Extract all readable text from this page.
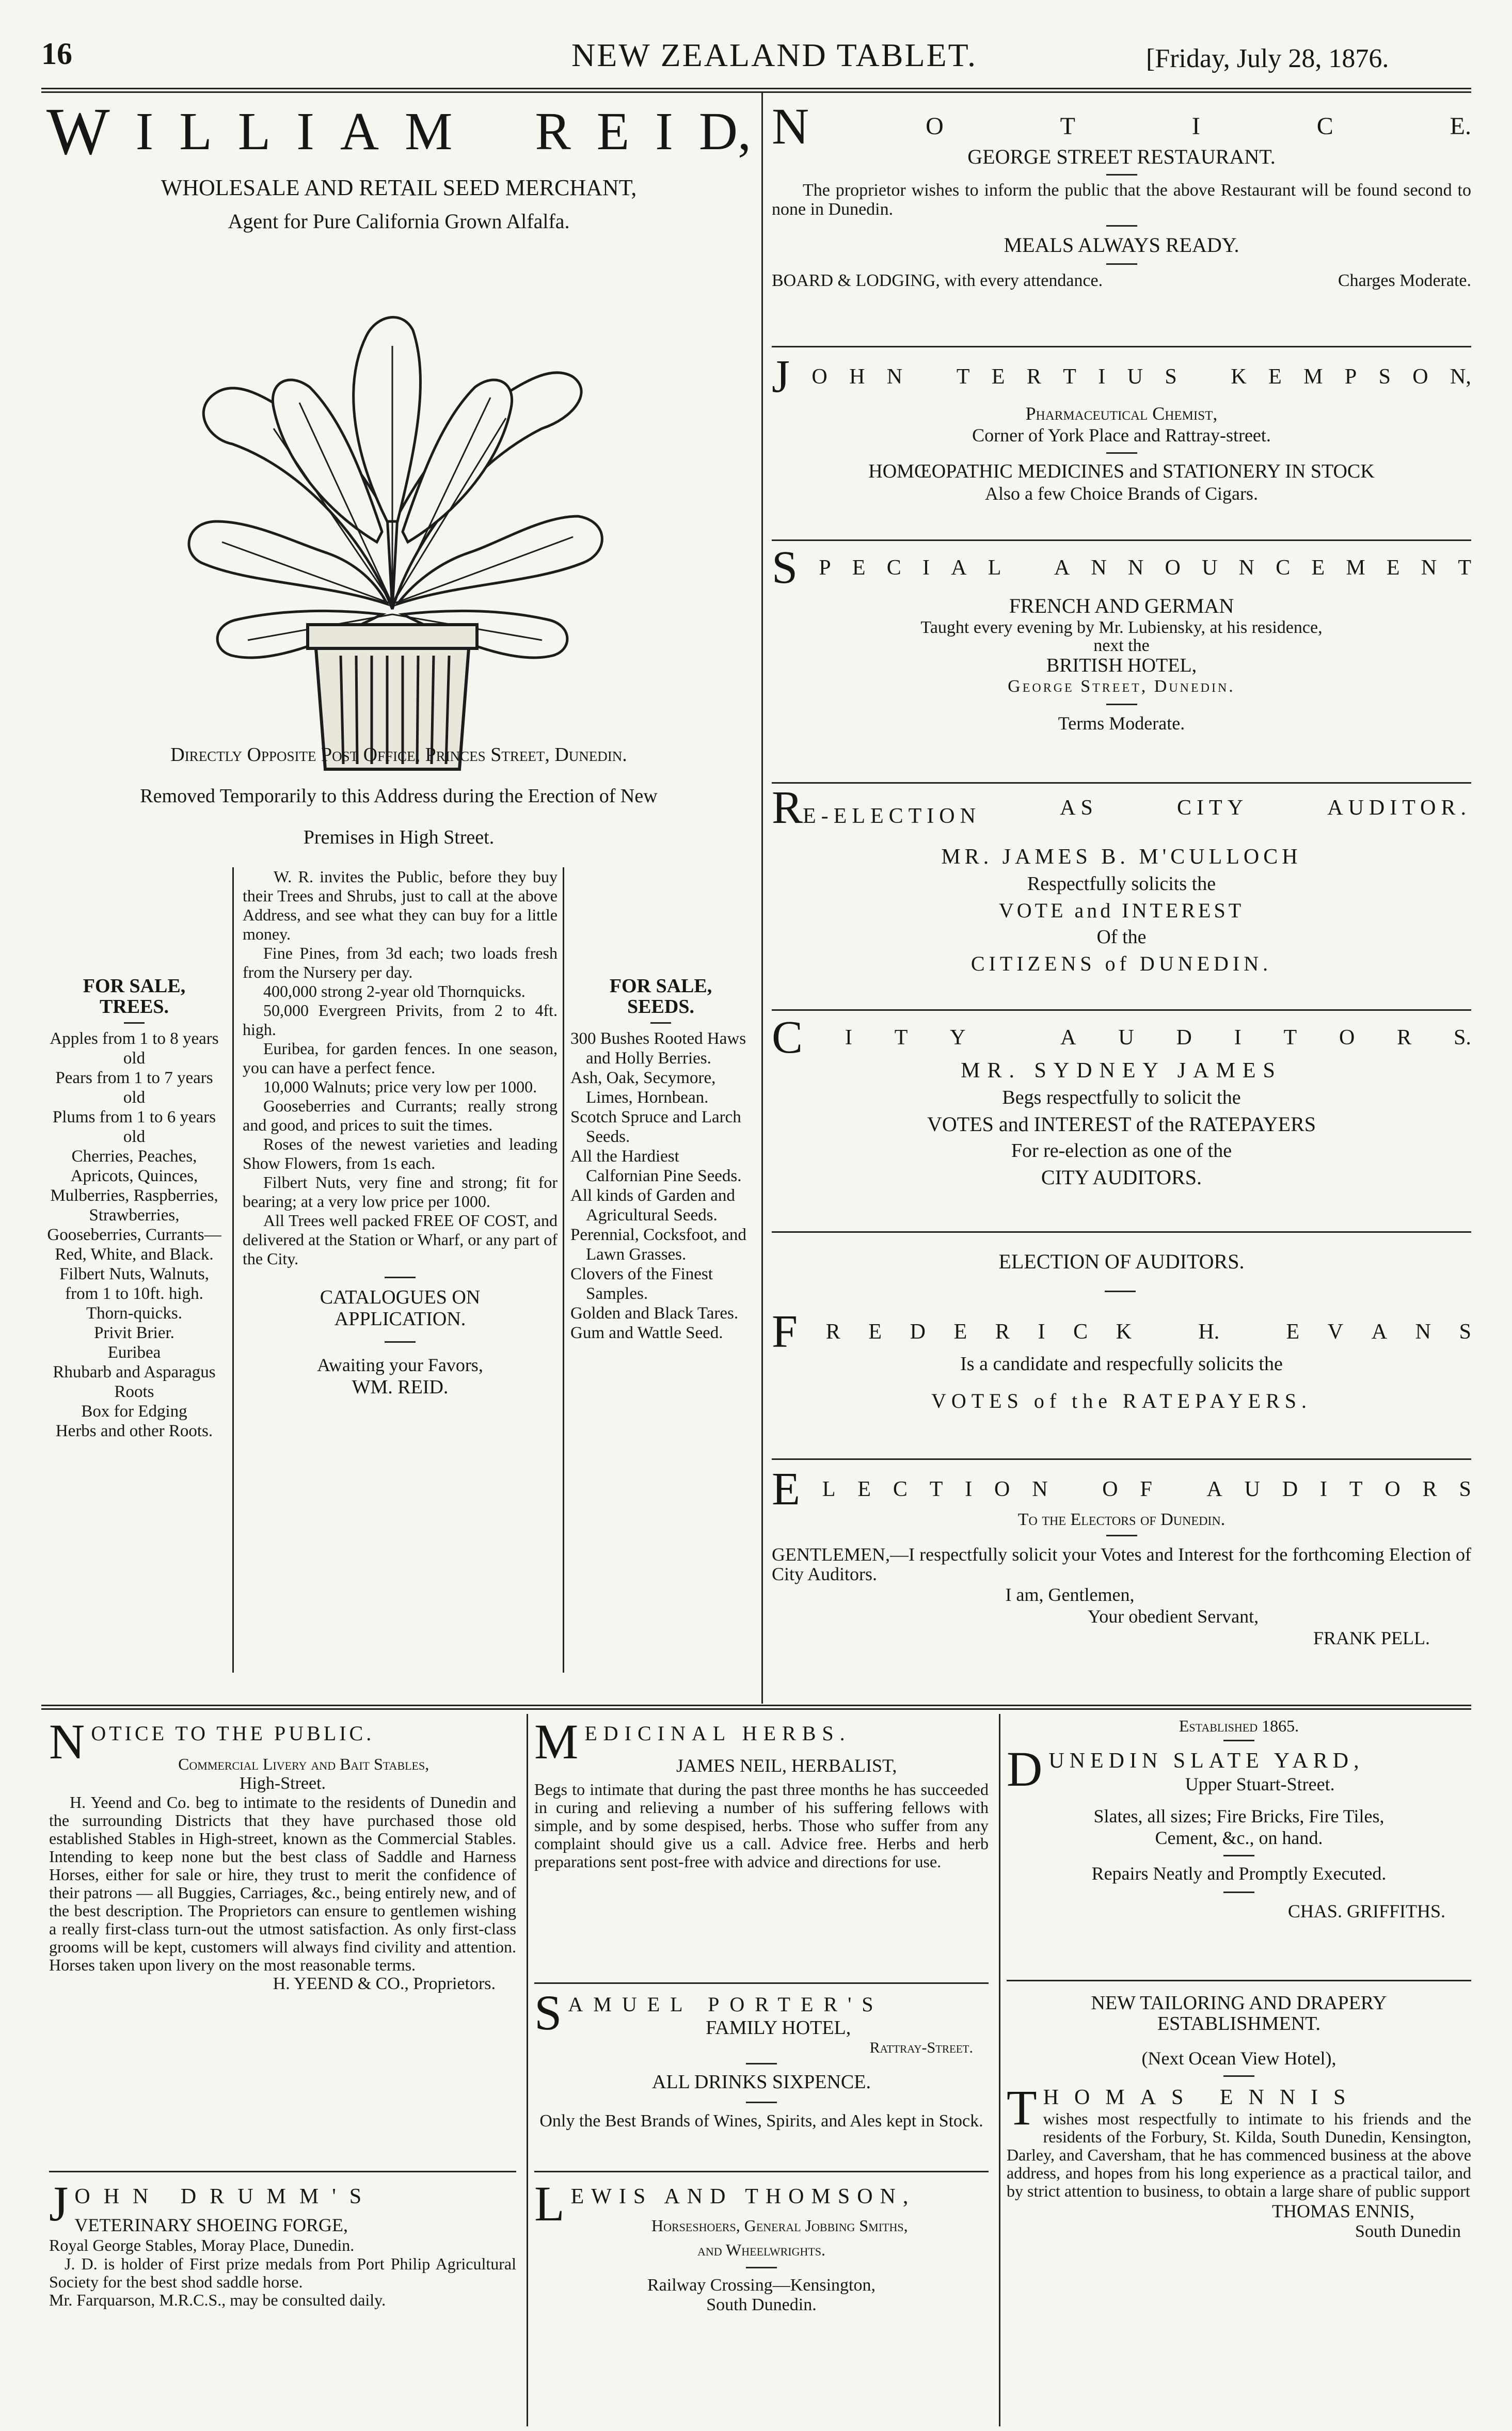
16	NEW ZEALAND TABLET.	[Friday, July 28, 1876.
W I L L I A M R E I D,
WHOLESALE AND RETAIL SEED MERCHANT,
Agent for Pure California Grown Alfalfa.
Directly Opposite Post Office, Princes Street, Dunedin.
Removed Temporarily to this Address during the Erection of New
Premises in High Street.
FOR SALE, TREES.
Apples from 1 to 8 years old
Pears from 1 to 7 years old
Plums from 1 to 6 years old
Cherries, Peaches, Apricots, Quinces, Mulberries, Raspberries, Strawberries, Gooseberries, Currants—Red, White, and Black.
Filbert Nuts, Walnuts, from 1 to 10ft. high.
Thorn-quicks.
Privit Brier.
Euribea
Rhubarb and Asparagus Roots
Box for Edging
Herbs and other Roots.
W. R. invites the Public, before they buy their Trees and Shrubs, just to call at the above Address, and see what they can buy for a little money.
Fine Pines, from 3d each; two loads fresh from the Nursery per day.
400,000 strong 2-year old Thornquicks.
50,000 Evergreen Privits, from 2 to 4ft. high.
Euribea, for garden fences. In one season, you can have a perfect fence.
10,000 Walnuts; price very low per 1000.
Gooseberries and Currants; really strong and good, and prices to suit the times.
Roses of the newest varieties and leading Show Flowers, from 1s each.
Filbert Nuts, very fine and strong; fit for bearing; at a very low price per 1000.
All Trees well packed FREE OF COST, and delivered at the Station or Wharf, or any part of the City.
CATALOGUES ON APPLICATION.
Awaiting your Favors,
WM. REID.
FOR SALE, SEEDS.
300 Bushes Rooted Haws and Holly Berries.
Ash, Oak, Secymore, Limes, Hornbean.
Scotch Spruce and Larch Seeds.
All the Hardiest Calfornian Pine Seeds.
All kinds of Garden and Agricultural Seeds.
Perennial, Cocksfoot, and Lawn Grasses.
Clovers of the Finest Samples.
Golden and Black Tares.
Gum and Wattle Seed.
N	O	T	I	C	E.
GEORGE STREET RESTAURANT.
The proprietor wishes to inform the public that the above Restaurant will be found second to none in Dunedin.
MEALS ALWAYS READY.
BOARD & LODGING, with every attendance.	Charges Moderate.
J O H N T E R T I U S K E M P S O N,
Pharmaceutical Chemist,
Corner of York Place and Rattray-street.
HOMŒOPATHIC MEDICINES and STATIONERY IN STOCK
Also a few Choice Brands of Cigars.
S P E C I A L A N N O U N C E M E N T
FRENCH AND GERMAN
Taught every evening by Mr. Lubiensky, at his residence,
next the
BRITISH HOTEL,
George Street, Dunedin.
Terms Moderate.
R E-ELECTION	AS	CITY	AUDITOR.
MR. JAMES B. M'CULLOCH
Respectfully solicits the
VOTE and INTEREST
Of the
CITIZENS of DUNEDIN.
C I T Y	A U D I T O R S.
MR. SYDNEY JAMES
Begs respectfully to solicit the
VOTES and INTEREST of the RATEPAYERS
For re-election as one of the
CITY AUDITORS.
ELECTION OF AUDITORS.
F R E D E R I C K	H.	E V A N S
Is a candidate and respecfully solicits the
VOTES of the RATEPAYERS.
E L E C T I O N	O F	A U D I T O R S
To the Electors of Dunedin.
GENTLEMEN,—I respectfully solicit your Votes and Interest for the forthcoming Election of City Auditors.
I am, Gentlemen,
Your obedient Servant,
FRANK PELL.
N OTICE TO THE PUBLIC.
Commercial Livery and Bait Stables,
High-Street.
H. Yeend and Co. beg to intimate to the residents of Dunedin and the surrounding Districts that they have purchased those old established Stables in High-street, known as the Commercial Stables. Intending to keep none but the best class of Saddle and Harness Horses, either for sale or hire, they trust to merit the confidence of their patrons — all Buggies, Carriages, &c., being entirely new, and of the best description. The Proprietors can ensure to gentlemen wishing a really first-class turn-out the utmost satisfaction. As only first-class grooms will be kept, customers will always find civility and attention. Horses taken upon livery on the most reasonable terms.
H. YEEND & CO., Proprietors.
J OHN DRUMM'S
VETERINARY SHOEING FORGE,
Royal George Stables, Moray Place, Dunedin.
J. D. is holder of First prize medals from Port Philip Agricultural Society for the best shod saddle horse.
Mr. Farquarson, M.R.C.S., may be consulted daily.
M EDICINAL HERBS.
JAMES NEIL, HERBALIST,
Begs to intimate that during the past three months he has succeeded in curing and relieving a number of his suffering fellows with simple, and by some despised, herbs. Those who suffer from any complaint should give us a call. Advice free. Herbs and herb preparations sent post-free with advice and directions for use.
S AMUEL PORTER'S
FAMILY HOTEL,
Rattray-Street.
ALL DRINKS SIXPENCE.
Only the Best Brands of Wines, Spirits, and Ales kept in Stock.
L EWIS AND THOMSON,
Horseshoers, General Jobbing Smiths,
and Wheelwrights.
Railway Crossing—Kensington,
South Dunedin.
Established 1865.
D UNEDIN SLATE YARD,
Upper Stuart-Street.
Slates, all sizes; Fire Bricks, Fire Tiles,
Cement, &c., on hand.
Repairs Neatly and Promptly Executed.
CHAS. GRIFFITHS.
NEW TAILORING AND DRAPERY
ESTABLISHMENT.
(Next Ocean View Hotel),
T HOMAS ENNIS
wishes most respectfully to intimate to his friends and the residents of the Forbury, St. Kilda, South Dunedin, Kensington, Darley, and Caversham, that he has commenced business at the above address, and hopes from his long experience as a practical tailor, and by strict attention to business, to obtain a large share of public support
THOMAS ENNIS,
South Dunedin
